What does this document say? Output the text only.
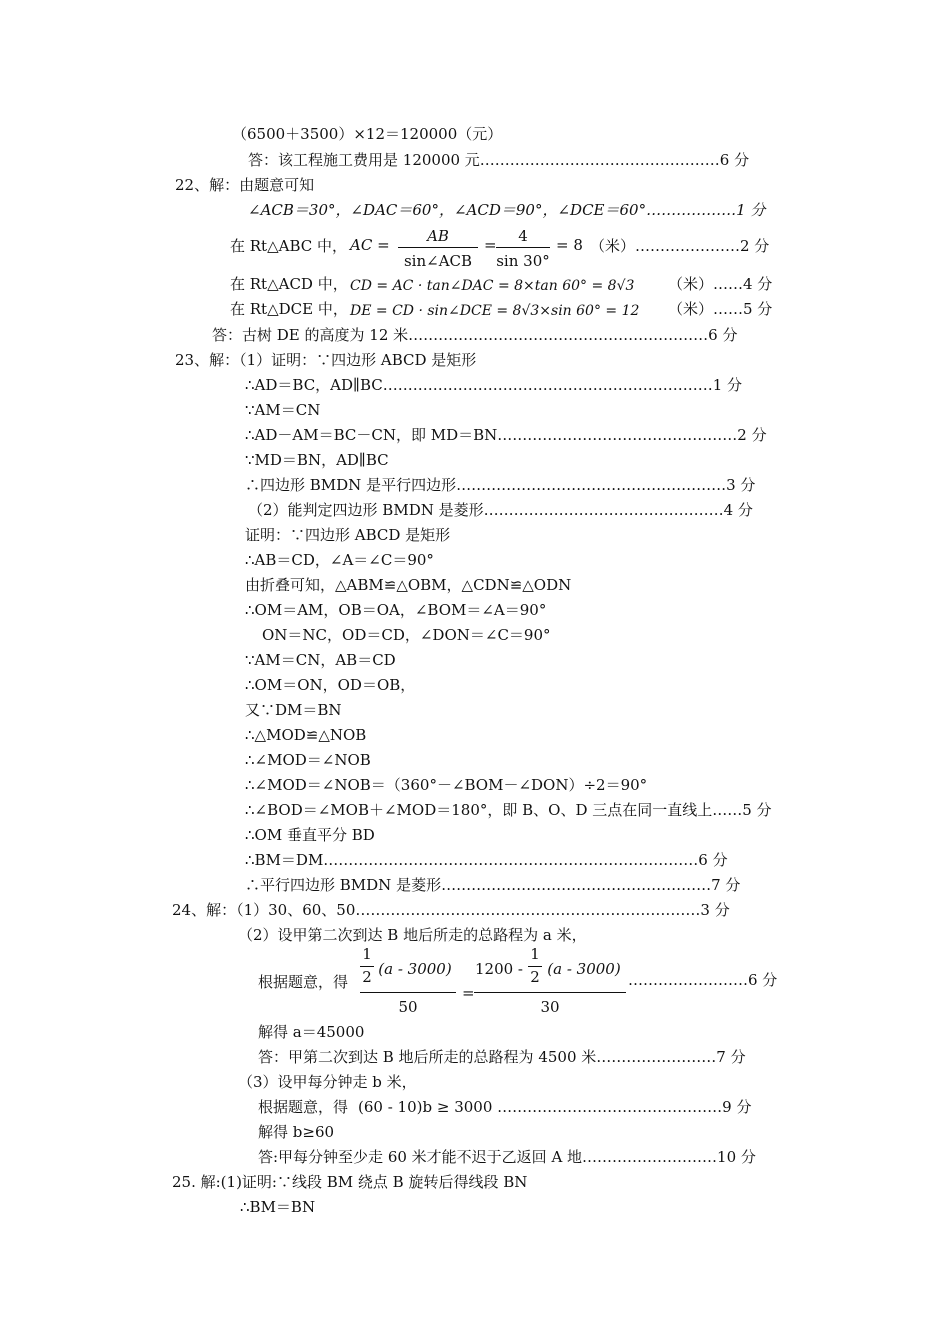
（6500＋3500）×12＝120000（元）
答：该工程施工费用是 120000 元…………………………………………6 分
22、解：由题意可知
∠ACB＝30°，∠DAC＝60°，∠ACD＝90°，∠DCE＝60°………………1 分
在 Rt△ABC 中， AC =	AB
sin∠ACB
=	4
sin 30°
= 8 （米）…………………2 分
在 Rt△ACD 中， CD = AC · tan∠DAC = 8×tan 60° = 8√3 （米）……4 分
在 Rt△DCE 中， DE = CD · sin∠DCE = 8√3×sin 60° = 12 （米）……5 分
答：古树 DE 的高度为 12 米……………………………………………………6 分
23、解：（1）证明：∵四边形 ABCD 是矩形
∴AD＝BC，AD∥BC…………………………………………………………1 分
∵AM＝CN
∴AD－AM＝BC－CN，即 MD＝BN…………………………………………2 分
∵MD＝BN，AD∥BC
∴四边形 BMDN 是平行四边形………………………………………………3 分
（2）能判定四边形 BMDN 是菱形…………………………………………4 分
证明：∵四边形 ABCD 是矩形
∴AB＝CD，∠A＝∠C＝90°
由折叠可知，△ABM≌△OBM，△CDN≌△ODN
∴OM＝AM，OB＝OA，∠BOM＝∠A＝90°
ON＝NC，OD＝CD，∠DON＝∠C＝90°
∵AM＝CN，AB＝CD
∴OM＝ON，OD＝OB，
又∵DM＝BN
∴△MOD≌△NOB
∴∠MOD＝∠NOB
∴∠MOD＝∠NOB＝（360°－∠BOM－∠DON）÷2＝90°
∴∠BOD＝∠MOB＋∠MOD＝180°，即 B、O、D 三点在同一直线上……5 分
∴OM 垂直平分 BD
∴BM＝DM…………………………………………………………………6 分
∴平行四边形 BMDN 是菱形………………………………………………7 分
24、解：（1）30、60、50……………………………………………………………3 分
（2）设甲第二次到达 B 地后所走的总路程为 a 米，
根据题意，得
1
2 (a - 3000)
50
=
1200 -
1
2 (a - 3000)
30
……………………6 分
解得 a＝45000
答：甲第二次到达 B 地后所走的总路程为 4500 米……………………7 分
（3）设甲每分钟走 b 米，
根据题意，得 (60 - 10)b ≥ 3000 ………………………………………9 分
解得 b≥60
答:甲每分钟至少走 60 米才能不迟于乙返回 A 地………………………10 分
25. 解:(1)证明:∵线段 BM 绕点 B 旋转后得线段 BN
∴BM＝BN
